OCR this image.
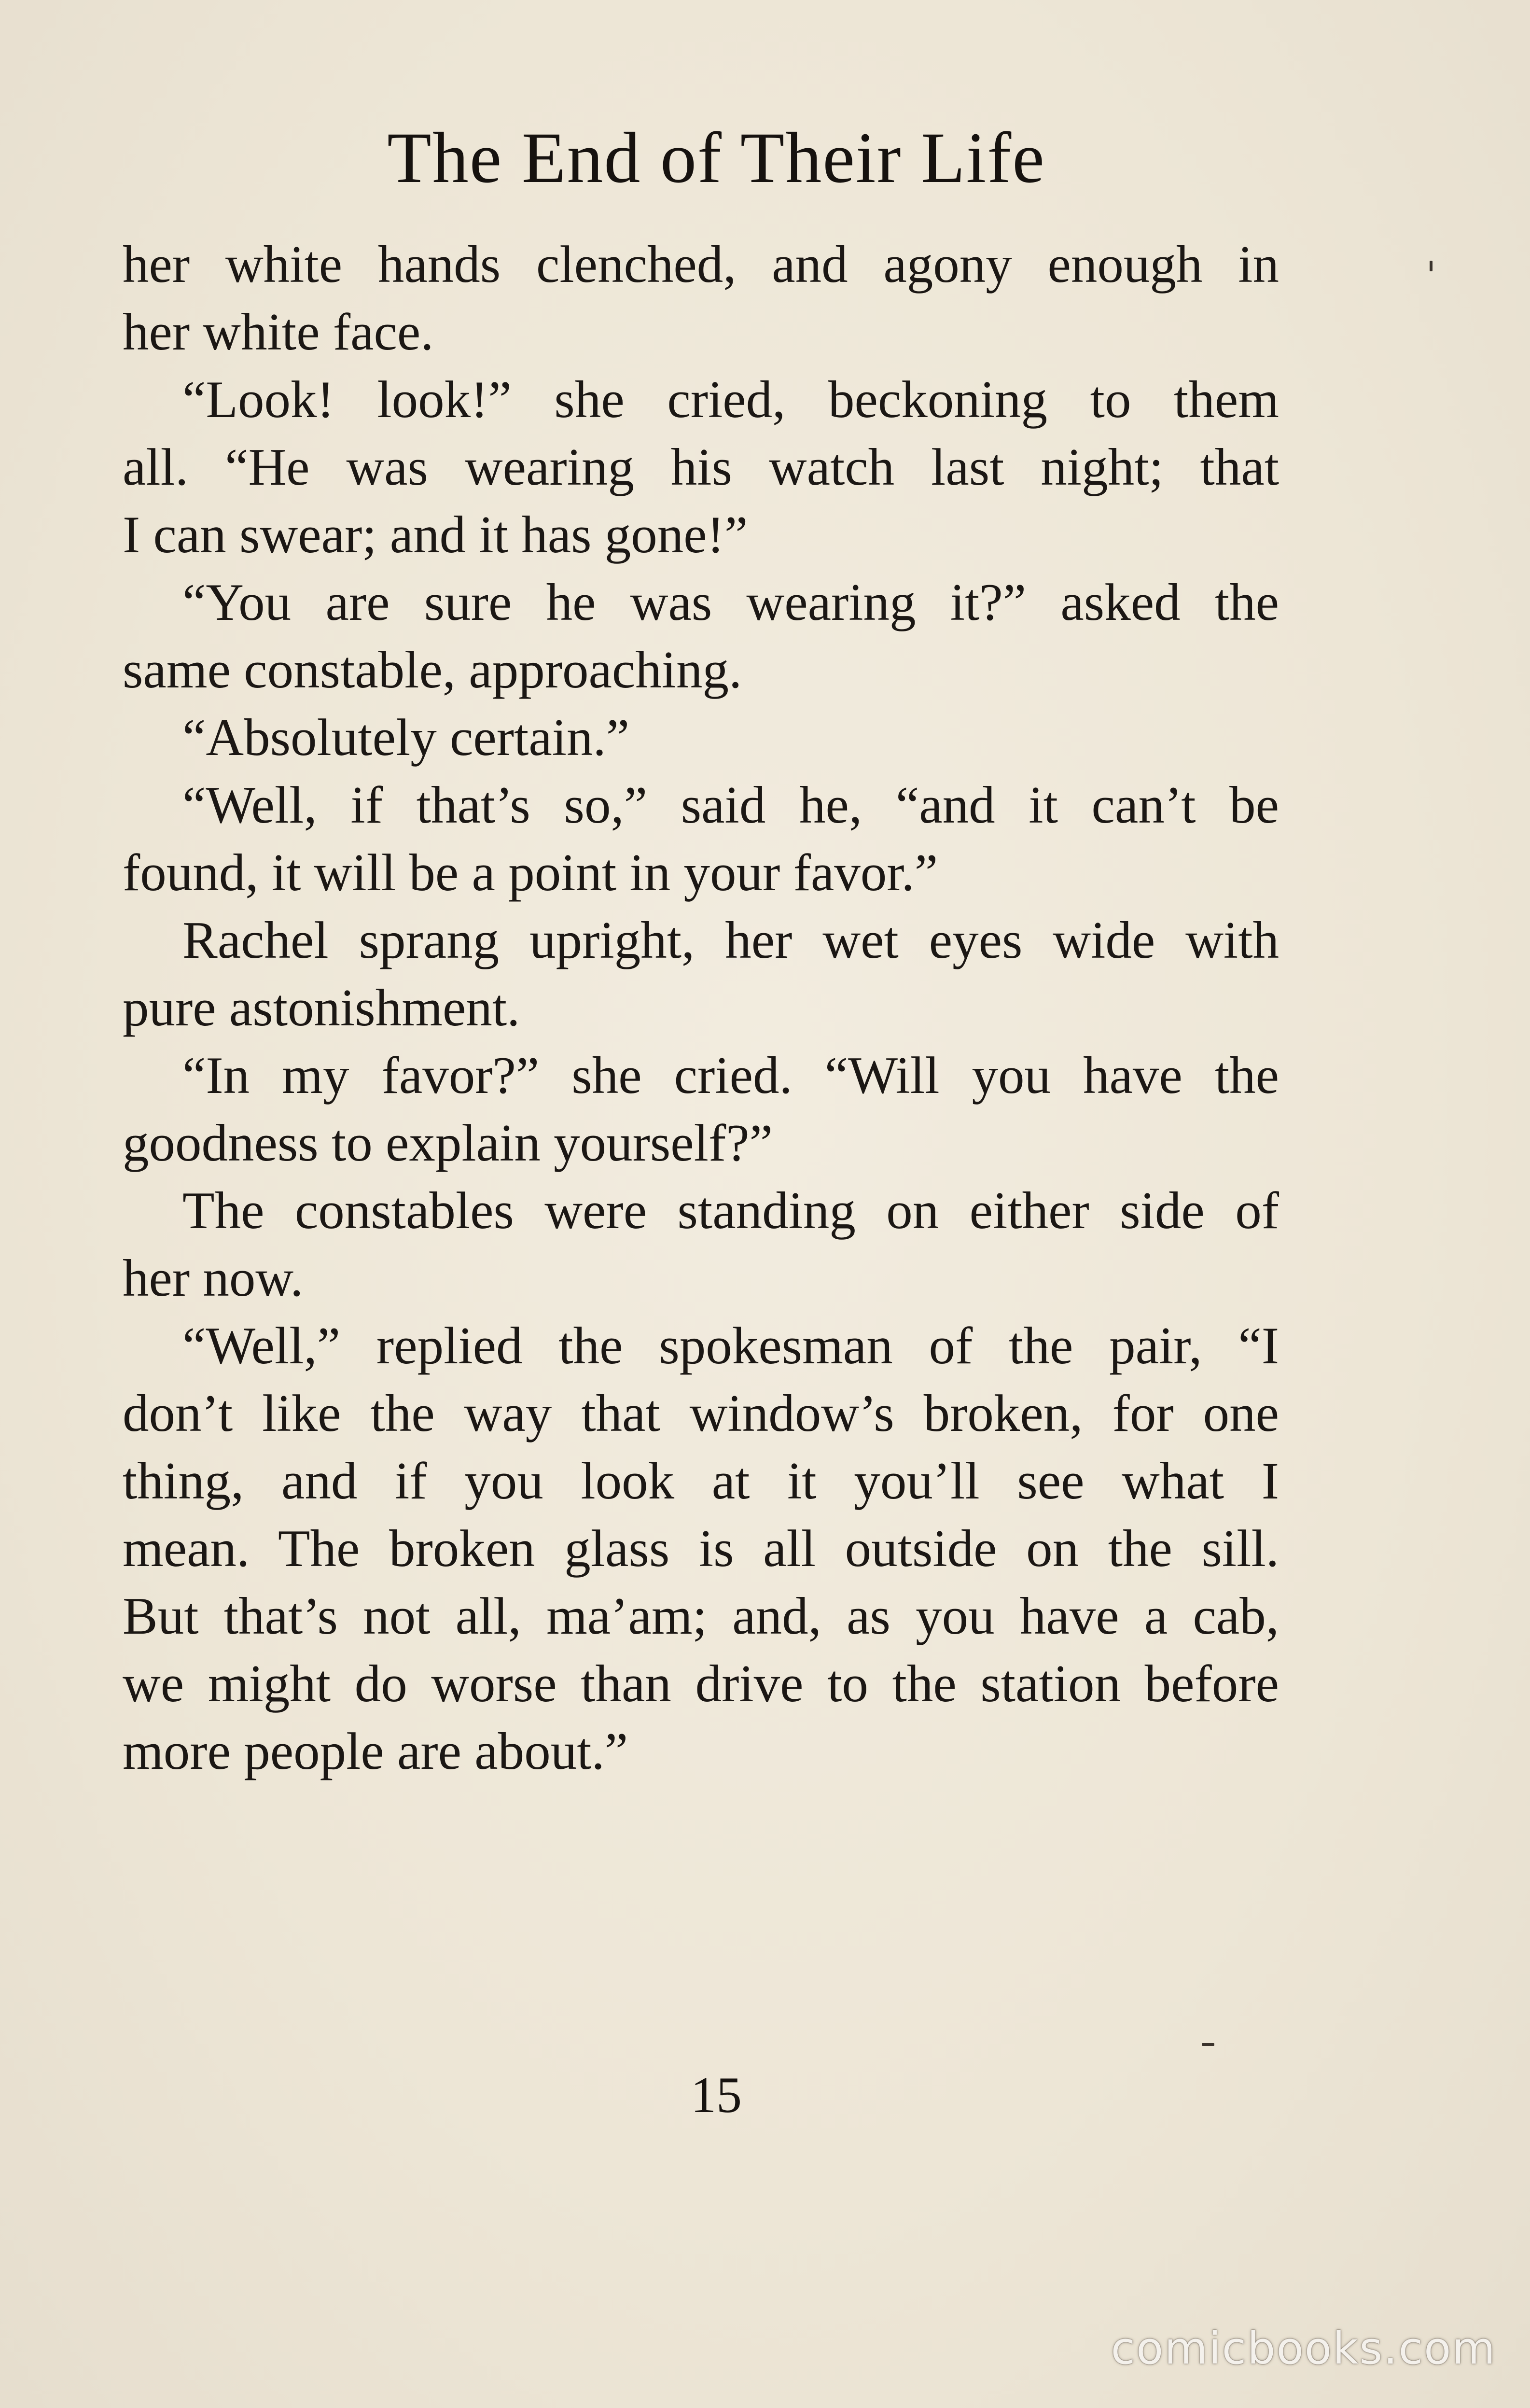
The End of Their Life
her white hands clenched, and agony enough in
her white face.
“Look! look!” she cried, beckoning to them
all. “He was wearing his watch last night; that
I can swear; and it has gone!”
“You are sure he was wearing it?” asked the
same constable, approaching.
“Absolutely certain.”
“Well, if that’s so,” said he, “and it can’t be
found, it will be a point in your favor.”
Rachel sprang upright, her wet eyes wide with
pure astonishment.
“In my favor?” she cried. “Will you have the
goodness to explain yourself?”
The constables were standing on either side of
her now.
“Well,” replied the spokesman of the pair, “I
don’t like the way that window’s broken, for one
thing, and if you look at it you’ll see what I
mean. The broken glass is all outside on the sill.
But that’s not all, ma’am; and, as you have a cab,
we might do worse than drive to the station before
more people are about.”
15
comicbooks.com
